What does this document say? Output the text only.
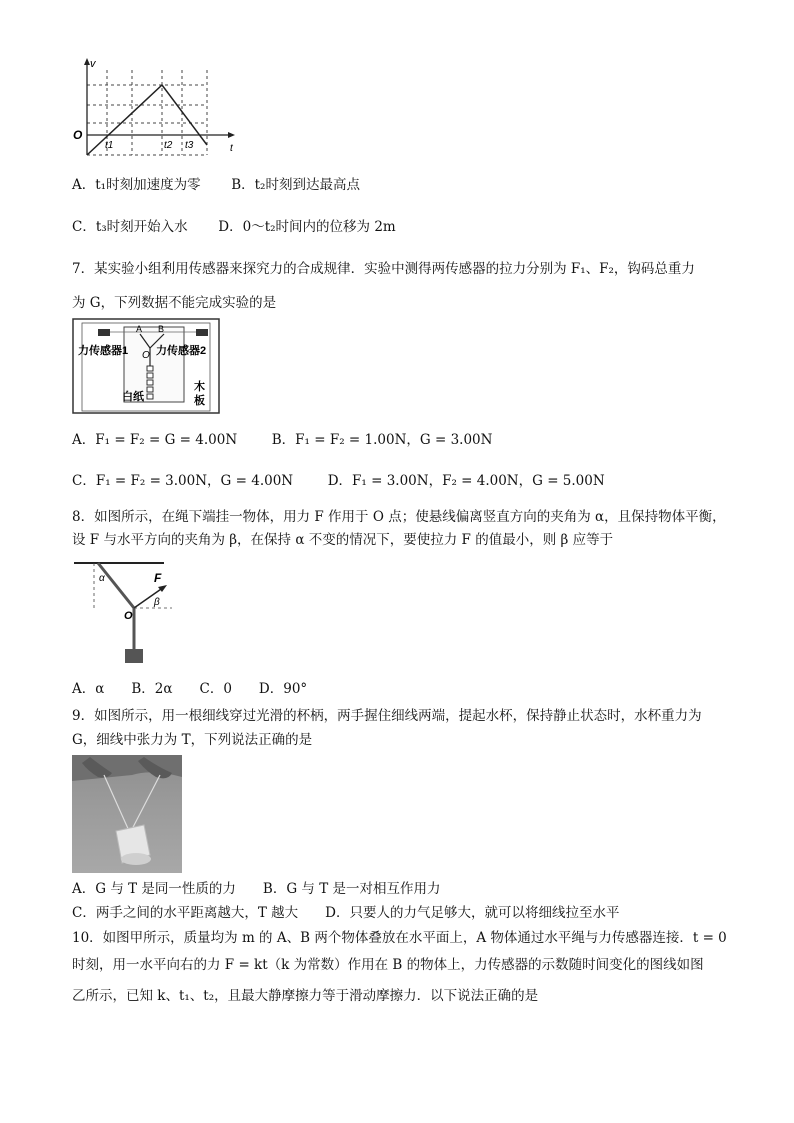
v
O
t
t1	t2 t3
A．t₁时刻加速度为零 B．t₂时刻到达最高点
C．t₃时刻开始入水 D．0～t₂时间内的位移为 2m
7．某实验小组利用传感器来探究力的合成规律．实验中测得两传感器的拉力分别为 F₁、F₂，钩码总重力
为 G，下列数据不能完成实验的是
A B
O
力传感器1	力传感器2
白纸
木
板
A．F₁ = F₂ = G = 4.00N	B．F₁ = F₂ = 1.00N，G = 3.00N
C．F₁ = F₂ = 3.00N，G = 4.00N	D．F₁ = 3.00N，F₂ = 4.00N，G = 5.00N
8．如图所示，在绳下端挂一物体，用力 F 作用于 O 点；使悬线偏离竖直方向的夹角为 α，且保持物体平衡，
设 F 与水平方向的夹角为 β，在保持 α 不变的情况下，要使拉力 F 的值最小，则 β 应等于
α
β
F
O
A．α　　B．2α　　C．0　　D．90°
9．如图所示，用一根细线穿过光滑的杯柄，两手握住细线两端，提起水杯，保持静止状态时，水杯重力为
G，细线中张力为 T，下列说法正确的是
A．G 与 T 是同一性质的力　　B．G 与 T 是一对相互作用力
C．两手之间的水平距离越大，T 越大　　D．只要人的力气足够大，就可以将细线拉至水平
10．如图甲所示，质量均为 m 的 A、B 两个物体叠放在水平面上，A 物体通过水平绳与力传感器连接．t = 0
时刻，用一水平向右的力 F = kt（k 为常数）作用在 B 的物体上，力传感器的示数随时间变化的图线如图
乙所示，已知 k、t₁、t₂，且最大静摩擦力等于滑动摩擦力．以下说法正确的是
